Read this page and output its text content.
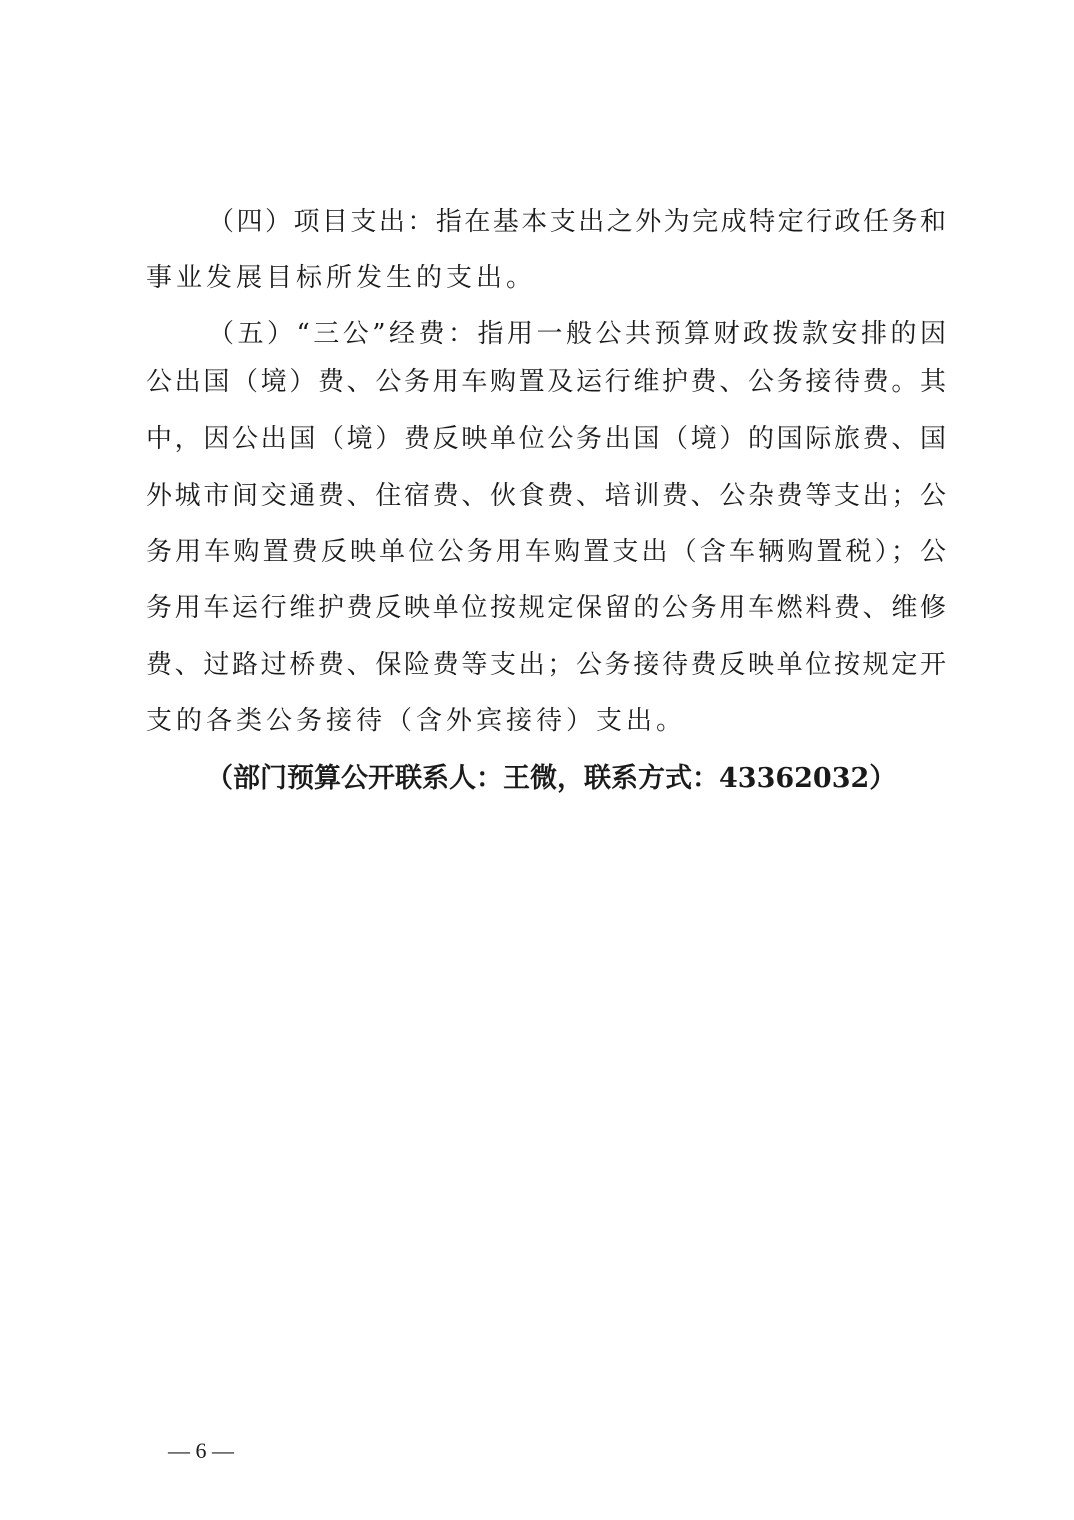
（四）项目支出：指在基本支出之外为完成特定行政任务和
事业发展目标所发生的支出。
（五）“三公”经费：指用一般公共预算财政拨款安排的因
公出国（境）费、公务用车购置及运行维护费、公务接待费。其
中，因公出国（境）费反映单位公务出国（境）的国际旅费、国
外城市间交通费、住宿费、伙食费、培训费、公杂费等支出；公
务用车购置费反映单位公务用车购置支出（含车辆购置税）；公
务用车运行维护费反映单位按规定保留的公务用车燃料费、维修
费、过路过桥费、保险费等支出；公务接待费反映单位按规定开
支的各类公务接待（含外宾接待）支出。
（部门预算公开联系人：王微，联系方式：43362032）
— 6 —
